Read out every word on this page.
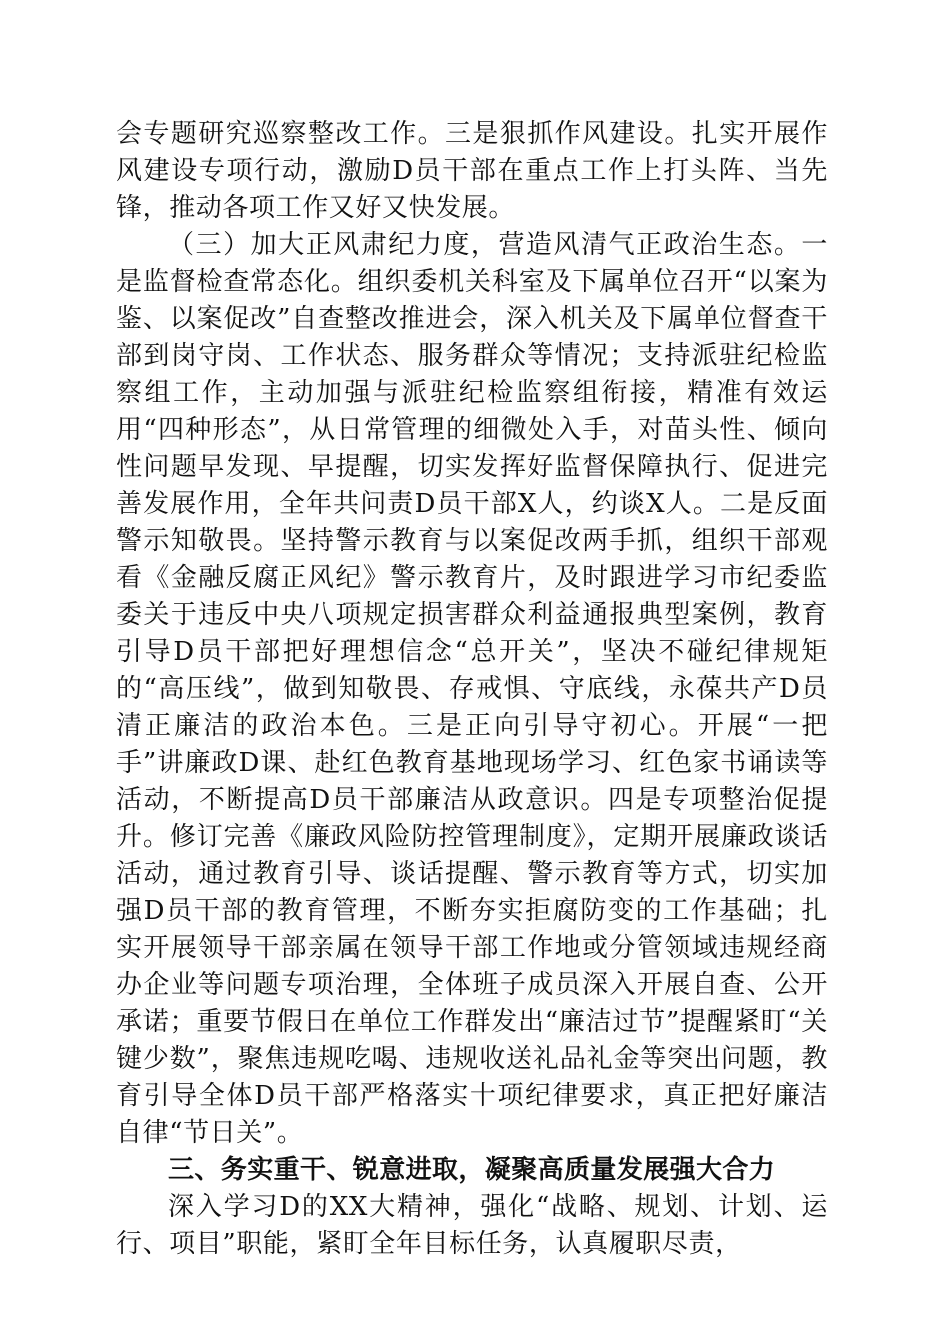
会专题研究巡察整改工作。三是狠抓作风建设。扎实开展作风建设专项行动，激励D员干部在重点工作上打头阵、当先锋，推动各项工作又好又快发展。

（三）加大正风肃纪力度，营造风清气正政治生态。一是监督检查常态化。组织委机关科室及下属单位召开“以案为鉴、以案促改”自查整改推进会，深入机关及下属单位督查干部到岗守岗、工作状态、服务群众等情况；支持派驻纪检监察组工作，主动加强与派驻纪检监察组衔接，精准有效运用“四种形态”，从日常管理的细微处入手，对苗头性、倾向性问题早发现、早提醒，切实发挥好监督保障执行、促进完善发展作用，全年共问责D员干部X人，约谈X人。二是反面警示知敬畏。坚持警示教育与以案促改两手抓，组织干部观看《金融反腐正风纪》警示教育片，及时跟进学习市纪委监委关于违反中央八项规定损害群众利益通报典型案例，教育引导D员干部把好理想信念“总开关”，坚决不碰纪律规矩的“高压线”，做到知敬畏、存戒惧、守底线，永葆共产D员清正廉洁的政治本色。三是正向引导守初心。开展“一把手”讲廉政D课、赴红色教育基地现场学习、红色家书诵读等活动，不断提高D员干部廉洁从政意识。四是专项整治促提升。修订完善《廉政风险防控管理制度》，定期开展廉政谈话活动，通过教育引导、谈话提醒、警示教育等方式，切实加强D员干部的教育管理，不断夯实拒腐防变的工作基础；扎实开展领导干部亲属在领导干部工作地或分管领域违规经商办企业等问题专项治理，全体班子成员深入开展自查、公开承诺；重要节假日在单位工作群发出“廉洁过节”提醒紧盯“关键少数”，聚焦违规吃喝、违规收送礼品礼金等突出问题，教育引导全体D员干部严格落实十项纪律要求，真正把好廉洁自律“节日关”。

三、务实重干、锐意进取，凝聚高质量发展强大合力

深入学习D的XX大精神，强化“战略、规划、计划、运行、项目”职能，紧盯全年目标任务，认真履职尽责，
